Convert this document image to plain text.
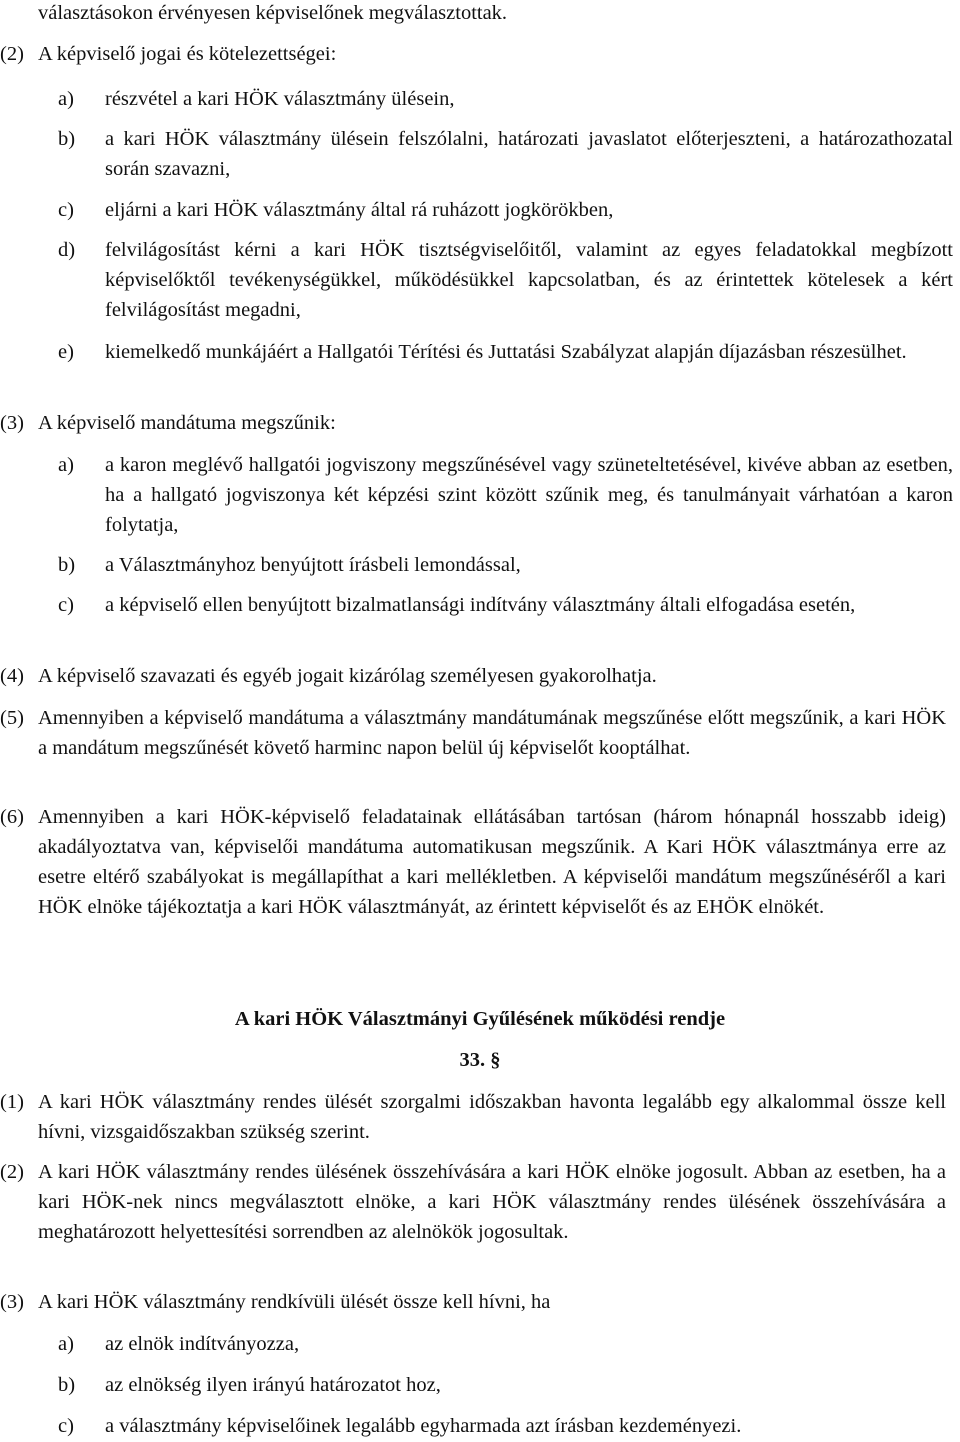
választásokon érvényesen képviselőnek megválasztottak.

(2) A képviselő jogai és kötelezettségei:

a) részvétel a kari HÖK választmány ülésein,

b) a kari HÖK választmány ülésein felszólalni, határozati javaslatot előterjeszteni, a határozathozatal során szavazni,

c) eljárni a kari HÖK választmány által rá ruházott jogkörökben,

d) felvilágosítást kérni a kari HÖK tisztségviselőitől, valamint az egyes feladatokkal megbízott képviselőktől tevékenységükkel, működésükkel kapcsolatban, és az érintettek kötelesek a kért felvilágosítást megadni,

e) kiemelkedő munkájáért a Hallgatói Térítési és Juttatási Szabályzat alapján díjazásban részesülhet.

(3) A képviselő mandátuma megszűnik:

a) a karon meglévő hallgatói jogviszony megszűnésével vagy szüneteltetésével, kivéve abban az esetben, ha a hallgató jogviszonya két képzési szint között szűnik meg, és tanulmányait várhatóan a karon folytatja,

b) a Választmányhoz benyújtott írásbeli lemondással,

c) a képviselő ellen benyújtott bizalmatlansági indítvány választmány általi elfogadása esetén,

(4) A képviselő szavazati és egyéb jogait kizárólag személyesen gyakorolhatja.

(5) Amennyiben a képviselő mandátuma a választmány mandátumának megszűnése előtt megszűnik, a kari HÖK a mandátum megszűnését követő harminc napon belül új képviselőt kooptálhat.

(6) Amennyiben a kari HÖK-képviselő feladatainak ellátásában tartósan (három hónapnál hosszabb ideig) akadályoztatva van, képviselői mandátuma automatikusan megszűnik. A Kari HÖK választmánya erre az esetre eltérő szabályokat is megállapíthat a kari mellékletben. A képviselői mandátum megszűnéséről a kari HÖK elnöke tájékoztatja a kari HÖK választmányát, az érintett képviselőt és az EHÖK elnökét.

A kari HÖK Választmányi Gyűlésének működési rendje

33. §

(1) A kari HÖK választmány rendes ülését szorgalmi időszakban havonta legalább egy alkalommal össze kell hívni, vizsgaidőszakban szükség szerint.

(2) A kari HÖK választmány rendes ülésének összehívására a kari HÖK elnöke jogosult. Abban az esetben, ha a kari HÖK-nek nincs megválasztott elnöke, a kari HÖK választmány rendes ülésének összehívására a meghatározott helyettesítési sorrendben az alelnökök jogosultak.

(3) A kari HÖK választmány rendkívüli ülését össze kell hívni, ha

a) az elnök indítványozza,

b) az elnökség ilyen irányú határozatot hoz,

c) a választmány képviselőinek legalább egyharmada azt írásban kezdeményezi.
